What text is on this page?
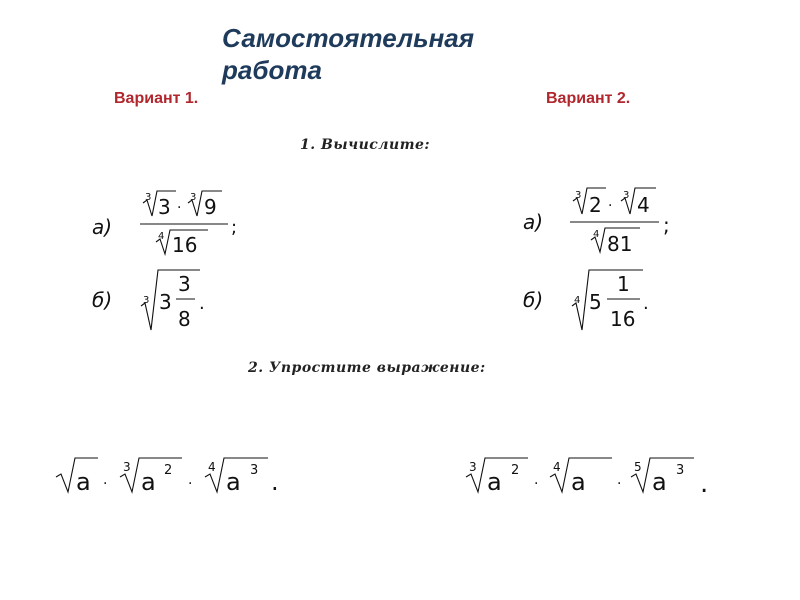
Самостоятельная работа
Вариант 1.	Вариант 2.
1. Вычислите:
2. Упростите выражение:
а)
3 3 ·
3 9
4 16
;
б)	3 3
3
8
.
а)
3 2 ·
3 4
4 81
;
б)	4 5
1
16
.
a ·
3
a 2
·
4
a 3 .
3
a 2
·
4
a ·
5
a 3 .
